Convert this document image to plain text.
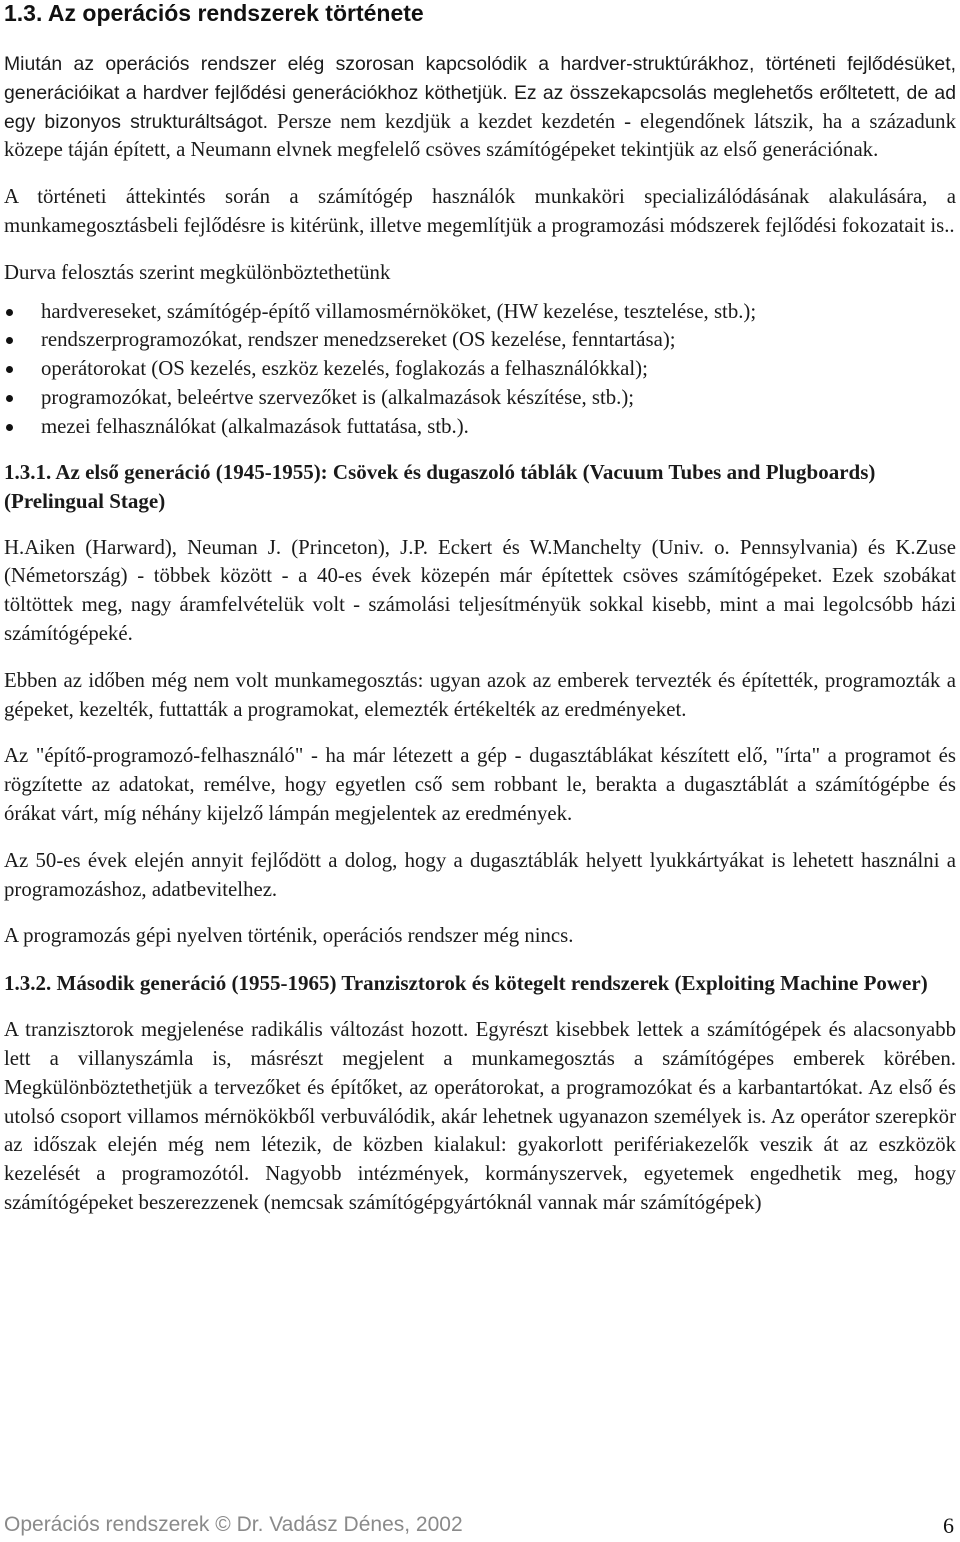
1.3. Az operációs rendszerek története

Miután az operációs rendszer elég szorosan kapcsolódik a hardver-struktúrákhoz, történeti fejlődésüket, generációikat a hardver fejlődési generációkhoz köthetjük. Ez az összekapcsolás meglehetős erőltetett, de ad egy bizonyos strukturáltságot. Persze nem kezdjük a kezdet kezdetén - elegendőnek látszik, ha a századunk közepe táján épített, a Neumann elvnek megfelelő csöves számítógépeket tekintjük az első generációnak.

A történeti áttekintés során a számítógép használók munkaköri specializálódásának alakulására, a munkamegosztásbeli fejlődésre is kitérünk, illetve megemlítjük a programozási módszerek fejlődési fokozatait is..

Durva felosztás szerint megkülönböztethetünk

hardvereseket, számítógép-építő villamosmérnököket, (HW kezelése, tesztelése, stb.);
rendszerprogramozókat, rendszer menedzsereket (OS kezelése, fenntartása);
operátorokat (OS kezelés, eszköz kezelés, foglakozás a felhasználókkal);
programozókat, beleértve szervezőket is (alkalmazások készítése, stb.);
mezei felhasználókat (alkalmazások futtatása, stb.).
1.3.1. Az első generáció (1945-1955): Csövek és dugaszoló táblák (Vacuum Tubes and Plugboards) (Prelingual Stage)

H.Aiken (Harward), Neuman J. (Princeton), J.P. Eckert és W.Manchelty (Univ. o. Pennsylvania) és K.Zuse (Németország) - többek között - a 40-es évek közepén már építettek csöves számítógépeket. Ezek szobákat töltöttek meg, nagy áramfelvételük volt - számolási teljesítményük sokkal kisebb, mint a mai legolcsóbb házi számítógépeké.

Ebben az időben még nem volt munkamegosztás: ugyan azok az emberek tervezték és építették, programozták a gépeket, kezelték, futtatták a programokat, elemezték értékelték az eredményeket.

Az "építő-programozó-felhasználó" - ha már létezett a gép - dugasztáblákat készített elő, "írta" a programot és rögzítette az adatokat, remélve, hogy egyetlen cső sem robbant le, berakta a dugasztáblát a számítógépbe és órákat várt, míg néhány kijelző lámpán megjelentek az eredmények.

Az 50-es évek elején annyit fejlődött a dolog, hogy a dugasztáblák helyett lyukkártyákat is lehetett használni a programozáshoz, adatbevitelhez.

A programozás gépi nyelven történik, operációs rendszer még nincs.

1.3.2. Második generáció (1955-1965) Tranzisztorok és kötegelt rendszerek (Exploiting Machine Power)

A tranzisztorok megjelenése radikális változást hozott. Egyrészt kisebbek lettek a számítógépek és alacsonyabb lett a villanyszámla is, másrészt megjelent a munkamegosztás a számítógépes emberek körében. Megkülönböztethetjük a tervezőket és építőket, az operátorokat, a programozókat és a karbantartókat. Az első és utolsó csoport villamos mérnökökből verbuválódik, akár lehetnek ugyanazon személyek is. Az operátor szerepkör az időszak elején még nem létezik, de közben kialakul: gyakorlott perifériakezelők veszik át az eszközök kezelését a programozótól. Nagyobb intézmények, kormányszervek, egyetemek engedhetik meg, hogy számítógépeket beszerezzenek (nemcsak számítógépgyártóknál vannak már számítógépek)

Operációs rendszerek © Dr. Vadász Dénes, 2002	6
